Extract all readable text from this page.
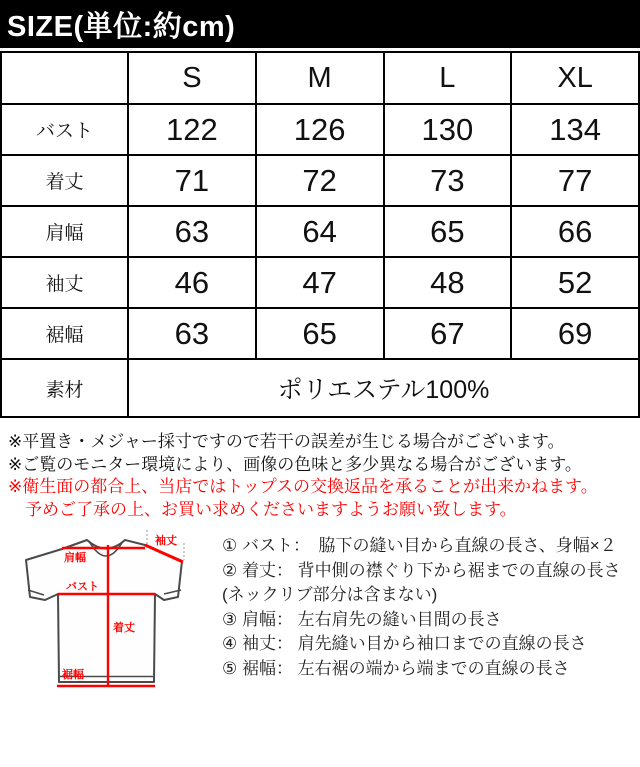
SIZE(単位:約cm)
	S	M	L	XL
バスト	122	126	130	134
着丈	71	72	73	77
肩幅	63	64	65	66
袖丈	46	47	48	52
裾幅	63	65	67	69
素材	ポリエステル100%			
※平置き・メジャー採寸ですので若干の誤差が生じる場合がございます。
※ご覧のモニター環境により、画像の色味と多少異なる場合がございます。
※衛生面の都合上、当店ではトップスの交換返品を承ることが出来かねます。
　予めご了承の上、お買い求めくださいますようお願い致します。
肩幅
袖丈
バスト
着丈
裾幅
① バスト：　脇下の縫い目から直線の長さ、身幅×２
② 着丈： 背中側の襟ぐり下から裾までの直線の長さ
(ネックリブ部分は含まない)
③ 肩幅： 左右肩先の縫い目間の長さ
④ 袖丈： 肩先縫い目から袖口までの直線の長さ
⑤ 裾幅： 左右裾の端から端までの直線の長さ
